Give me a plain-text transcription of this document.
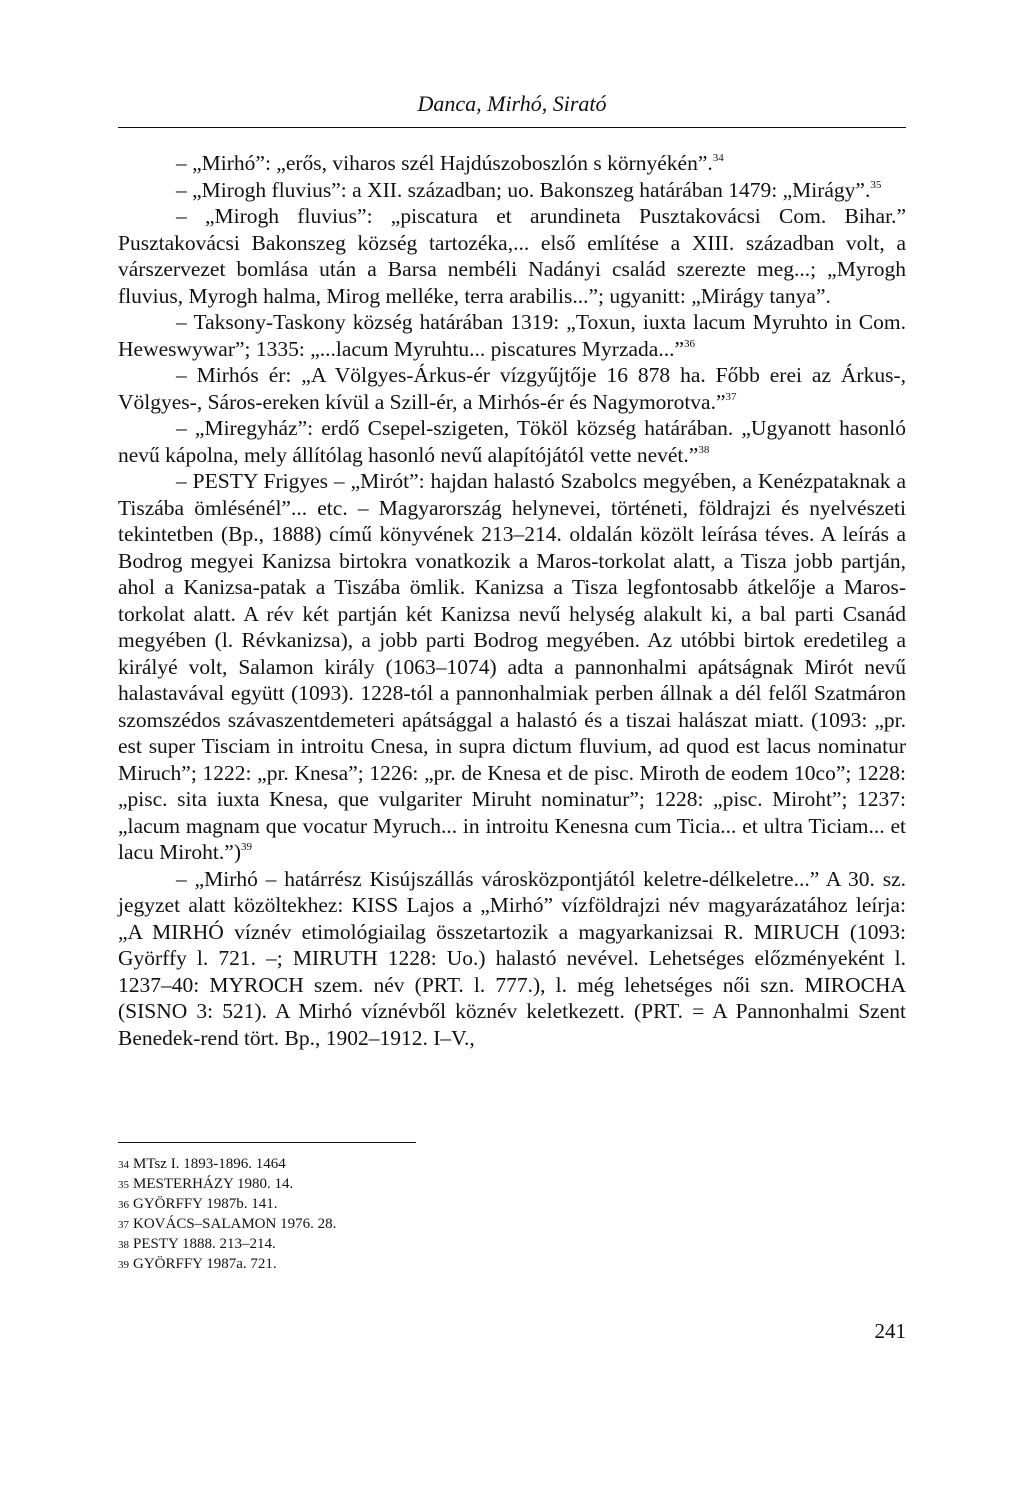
Danca, Mirhó, Sirató

– „Mirhó”: „erős, viharos szél Hajdúszoboszlón s környékén”.$^{34}$

– „Mirogh fluvius”: a XII. században; uo. Bakonszeg határában 1479: „Mirágy”.$^{35}$

– „Mirogh fluvius”: „piscatura et arundineta Pusztakovácsi Com. Bihar.” Pusztakovácsi Bakonszeg község tartozéka,... első említése a XIII. században volt, a várszervezet bomlása után a Barsa nembéli Nadányi család szerezte meg...; „Myrogh fluvius, Myrogh halma, Mirog melléke, terra arabilis...”; ugyanitt: „Mirágy tanya”.

– Taksony-Taskony község határában 1319: „Toxun, iuxta lacum Myruhto in Com. Heweswywar”; 1335: „...lacum Myruhtu... piscatures Myrzada...”$^{36}$

– Mirhós ér: „A Völgyes-Árkus-ér vízgyűjtője 16 878 ha. Főbb erei az Árkus-, Völgyes-, Sáros-ereken kívül a Szill-ér, a Mirhós-ér és Nagymorotva.”$^{37}$

– „Miregyház”: erdő Csepel-szigeten, Tököl község határában. „Ugyanott hasonló nevű kápolna, mely állítólag hasonló nevű alapítójától vette nevét.”$^{38}$

– PESTY Frigyes – „Mirót”: hajdan halastó Szabolcs megyében, a Kenézpataknak a Tiszába ömlésénél”... etc. – Magyarország helynevei, történeti, földrajzi és nyelvészeti tekintetben (Bp., 1888) című könyvének 213–214. oldalán közölt leírása téves. A leírás a Bodrog megyei Kanizsa birtokra vonatkozik a Maros-torkolat alatt, a Tisza jobb partján, ahol a Kanizsa-patak a Tiszába ömlik. Kanizsa a Tisza legfontosabb átkelője a Maros-torkolat alatt. A rév két partján két Kanizsa nevű helység alakult ki, a bal parti Csanád megyében (l. Révkanizsa), a jobb parti Bodrog megyében. Az utóbbi birtok eredetileg a királyé volt, Salamon király (1063–1074) adta a pannonhalmi apátságnak Mirót nevű halastavával együtt (1093). 1228-tól a pannonhalmiak perben állnak a dél felől Szatmáron szomszédos szávaszentdemeteri apátsággal a halastó és a tiszai halászat miatt. (1093: „pr. est super Tisciam in introitu Cnesa, in supra dictum fluvium, ad quod est lacus nominatur Miruch”; 1222: „pr. Knesa”; 1226: „pr. de Knesa et de pisc. Miroth de eodem 10co”; 1228: „pisc. sita iuxta Knesa, que vulgariter Miruht nominatur”; 1228: „pisc. Miroht”; 1237: „lacum magnam que vocatur Myruch... in introitu Kenesna cum Ticia... et ultra Ticiam... et lacu Miroht.”)$^{39}$

– „Mirhó – határrész Kisújszállás városközpontjától keletre-délkeletre...” A 30. sz. jegyzet alatt közöltekhez: KISS Lajos a „Mirhó” vízföldrajzi név magyarázatához leírja: „A MIRHÓ víznév etimológiailag összetartozik a magyarkanizsai R. MIRUCH (1093: Györffy l. 721. –; MIRUTH 1228: Uo.) halastó nevével. Lehetséges előzményeként l. 1237–40: MYROCH szem. név (PRT. l. 777.), l. még lehetséges női szn. MIROCHA (SISNO 3: 521). A Mirhó víznévből köznév keletkezett. (PRT. = A Pannonhalmi Szent Benedek-rend tört. Bp., 1902–1912. I–V.,

34 MTsz I. 1893-1896. 1464

35 MESTERHÁZY 1980. 14.

36 GYÖRFFY 1987b. 141.

37 KOVÁCS–SALAMON 1976. 28.

38 PESTY 1888. 213–214.

39 GYÖRFFY 1987a. 721.

241
